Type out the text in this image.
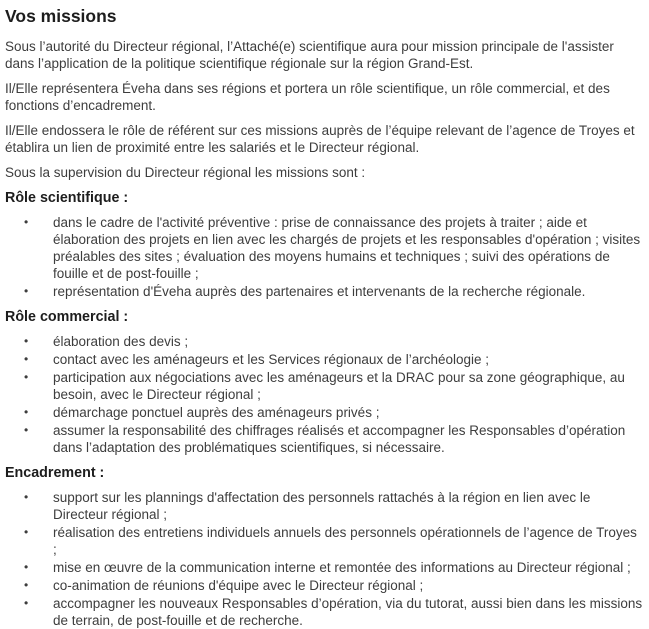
Vos missions

Sous l’autorité du Directeur régional, l’Attaché(e) scientifique aura pour mission principale de l'assister dans l’application de la politique scientifique régionale sur la région Grand-Est.

Il/Elle représentera Éveha dans ses régions et portera un rôle scientifique, un rôle commercial, et des fonctions d’encadrement.

Il/Elle endossera le rôle de référent sur ces missions auprès de l’équipe relevant de l’agence de Troyes et établira un lien de proximité entre les salariés et le Directeur régional.

Sous la supervision du Directeur régional les missions sont :

Rôle scientifique :
• dans le cadre de l'activité préventive : prise de connaissance des projets à traiter ; aide et élaboration des projets en lien avec les chargés de projets et les responsables d'opération ; visites préalables des sites ; évaluation des moyens humains et techniques ; suivi des opérations de fouille et de post-fouille ;
• représentation d'Éveha auprès des partenaires et intervenants de la recherche régionale.
Rôle commercial :
• élaboration des devis ;
• contact avec les aménageurs et les Services régionaux de l’archéologie ;
• participation aux négociations avec les aménageurs et la DRAC pour sa zone géographique, au besoin, avec le Directeur régional ;
• démarchage ponctuel auprès des aménageurs privés ;
• assumer la responsabilité des chiffrages réalisés et accompagner les Responsables d’opération dans l’adaptation des problématiques scientifiques, si nécessaire.
Encadrement :
• support sur les plannings d'affectation des personnels rattachés à la région en lien avec le Directeur régional ;
• réalisation des entretiens individuels annuels des personnels opérationnels de l’agence de Troyes ;
• mise en œuvre de la communication interne et remontée des informations au Directeur régional ;
• co-animation de réunions d'équipe avec le Directeur régional ;
• accompagner les nouveaux Responsables d’opération, via du tutorat, aussi bien dans les missions de terrain, de post-fouille et de recherche.
